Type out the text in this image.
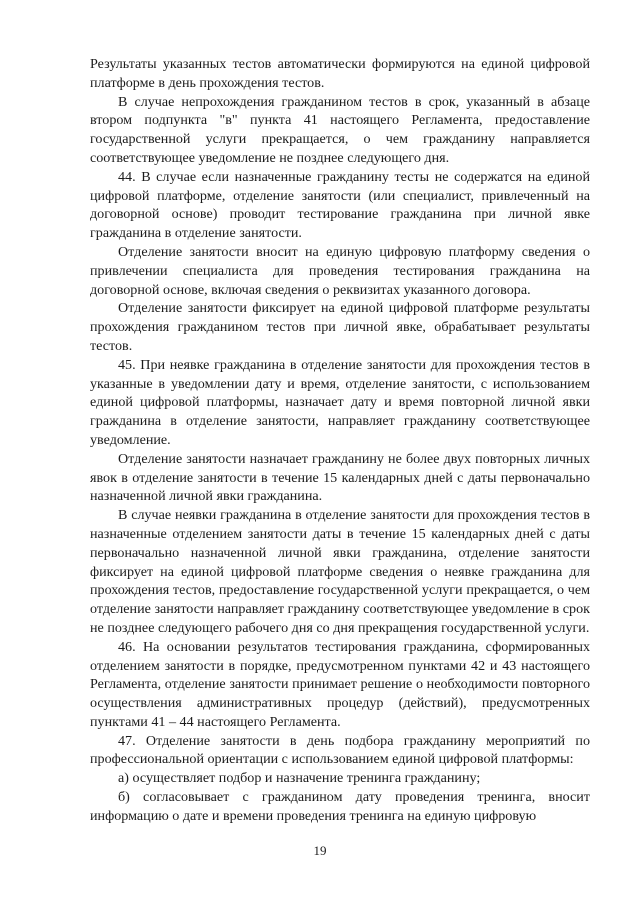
Результаты указанных тестов автоматически формируются на единой цифровой платформе в день прохождения тестов.

В случае непрохождения гражданином тестов в срок, указанный в абзаце втором подпункта "в" пункта 41 настоящего Регламента, предоставление государственной услуги прекращается, о чем гражданину направляется соответствующее уведомление не позднее следующего дня.

44. В случае если назначенные гражданину тесты не содержатся на единой цифровой платформе, отделение занятости (или специалист, привлеченный на договорной основе) проводит тестирование гражданина при личной явке гражданина в отделение занятости.

Отделение занятости вносит на единую цифровую платформу сведения о привлечении специалиста для проведения тестирования гражданина на договорной основе, включая сведения о реквизитах указанного договора.

Отделение занятости фиксирует на единой цифровой платформе результаты прохождения гражданином тестов при личной явке, обрабатывает результаты тестов.

45. При неявке гражданина в отделение занятости для прохождения тестов в указанные в уведомлении дату и время, отделение занятости, с использованием единой цифровой платформы, назначает дату и время повторной личной явки гражданина в отделение занятости, направляет гражданину соответствующее уведомление.

Отделение занятости назначает гражданину не более двух повторных личных явок в отделение занятости в течение 15 календарных дней с даты первоначально назначенной личной явки гражданина.

В случае неявки гражданина в отделение занятости для прохождения тестов в назначенные отделением занятости даты в течение 15 календарных дней с даты первоначально назначенной личной явки гражданина, отделение занятости фиксирует на единой цифровой платформе сведения о неявке гражданина для прохождения тестов, предоставление государственной услуги прекращается, о чем отделение занятости направляет гражданину соответствующее уведомление в срок не позднее следующего рабочего дня со дня прекращения государственной услуги.

46. На основании результатов тестирования гражданина, сформированных отделением занятости в порядке, предусмотренном пунктами 42 и 43 настоящего Регламента, отделение занятости принимает решение о необходимости повторного осуществления административных процедур (действий), предусмотренных пунктами 41 – 44 настоящего Регламента.

47. Отделение занятости в день подбора гражданину мероприятий по профессиональной ориентации с использованием единой цифровой платформы:

а) осуществляет подбор и назначение тренинга гражданину;

б) согласовывает с гражданином дату проведения тренинга, вносит информацию о дате и времени проведения тренинга на единую цифровую

19
